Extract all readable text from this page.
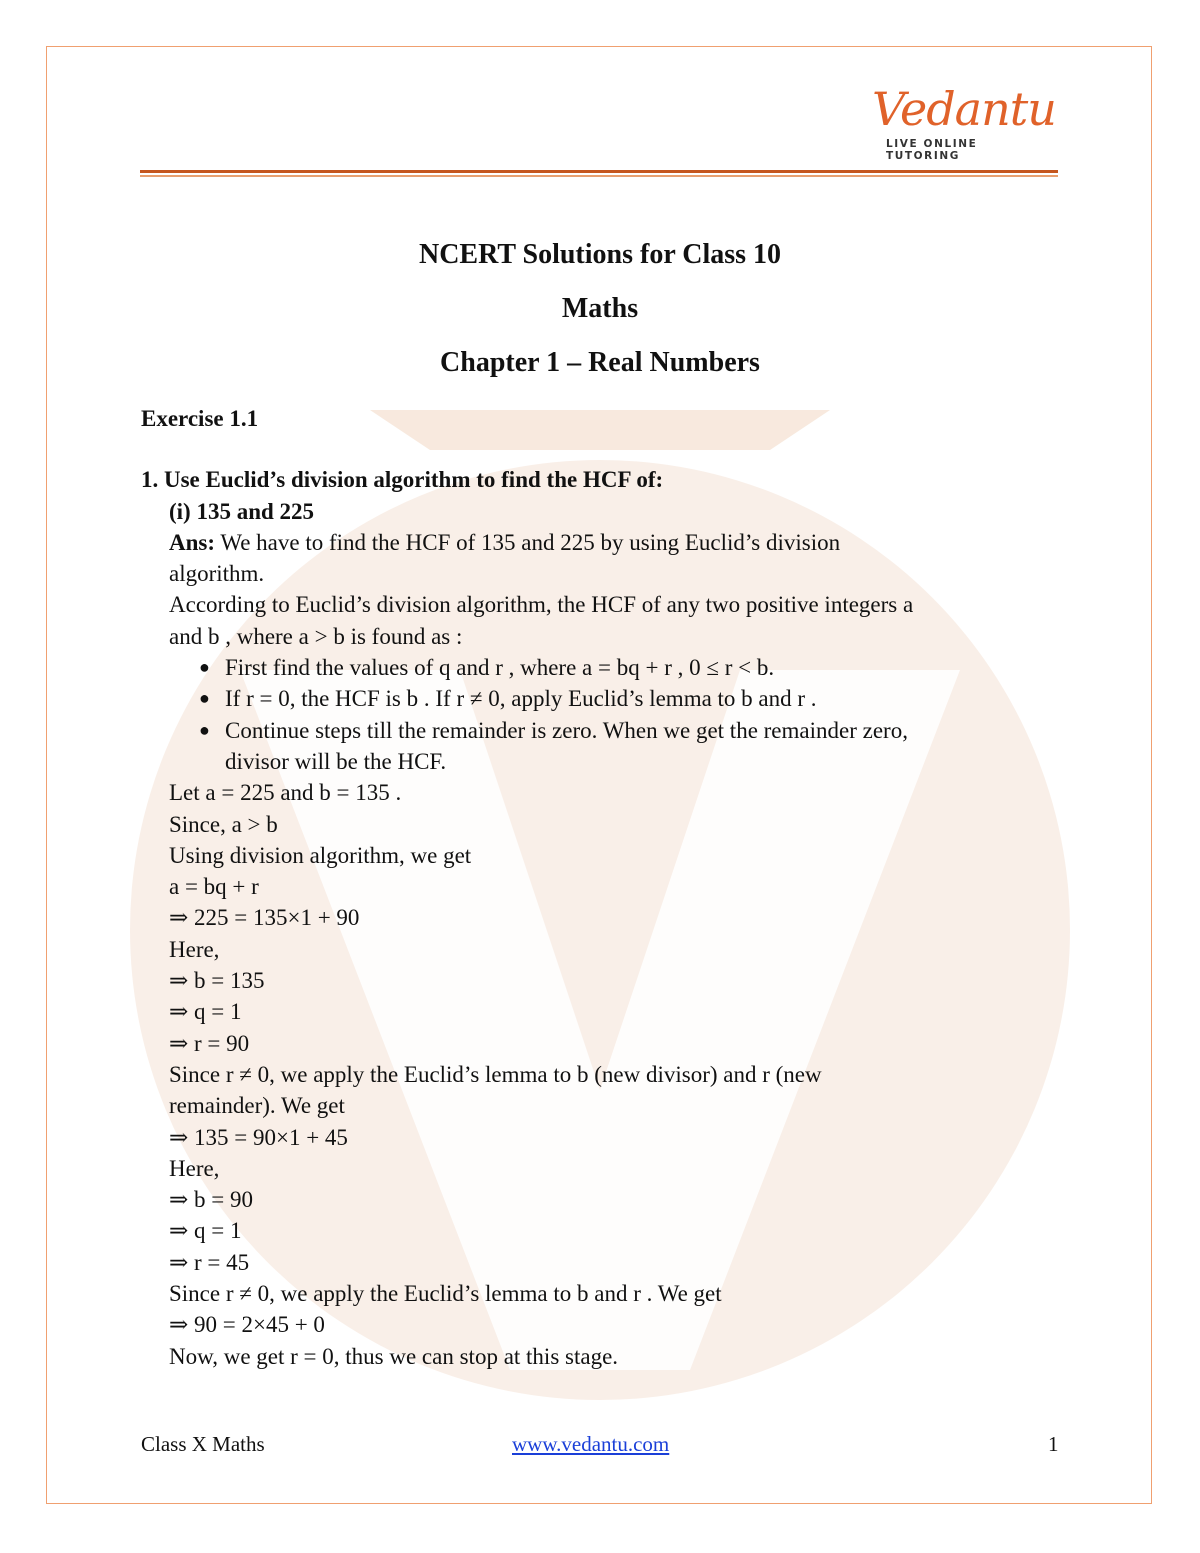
Vedantu
LIVE ONLINE TUTORING
NCERT Solutions for Class 10
Maths
Chapter 1 – Real Numbers
Exercise 1.1
1. Use Euclid’s division algorithm to find the HCF of:
(i) 135 and 225
Ans: We have to find the HCF of 135 and 225 by using Euclid’s division
algorithm.
According to Euclid’s division algorithm, the HCF of any two positive integers a
and b , where a > b is found as :
● First find the values of q and r , where a = bq + r , 0 ≤ r < b.
● If r = 0, the HCF is b . If r ≠ 0, apply Euclid’s lemma to b and r .
● Continue steps till the remainder is zero. When we get the remainder zero,
divisor will be the HCF.
Let a = 225 and b = 135 .
Since, a > b
Using division algorithm, we get
a = bq + r
⇒ 225 = 135×1 + 90
Here,
⇒ b = 135
⇒ q = 1
⇒ r = 90
Since r ≠ 0, we apply the Euclid’s lemma to b (new divisor) and r (new
remainder). We get
⇒ 135 = 90×1 + 45
Here,
⇒ b = 90
⇒ q = 1
⇒ r = 45
Since r ≠ 0, we apply the Euclid’s lemma to b and r . We get
⇒ 90 = 2×45 + 0
Now, we get r = 0, thus we can stop at this stage.
Class X Maths	www.vedantu.com	1
